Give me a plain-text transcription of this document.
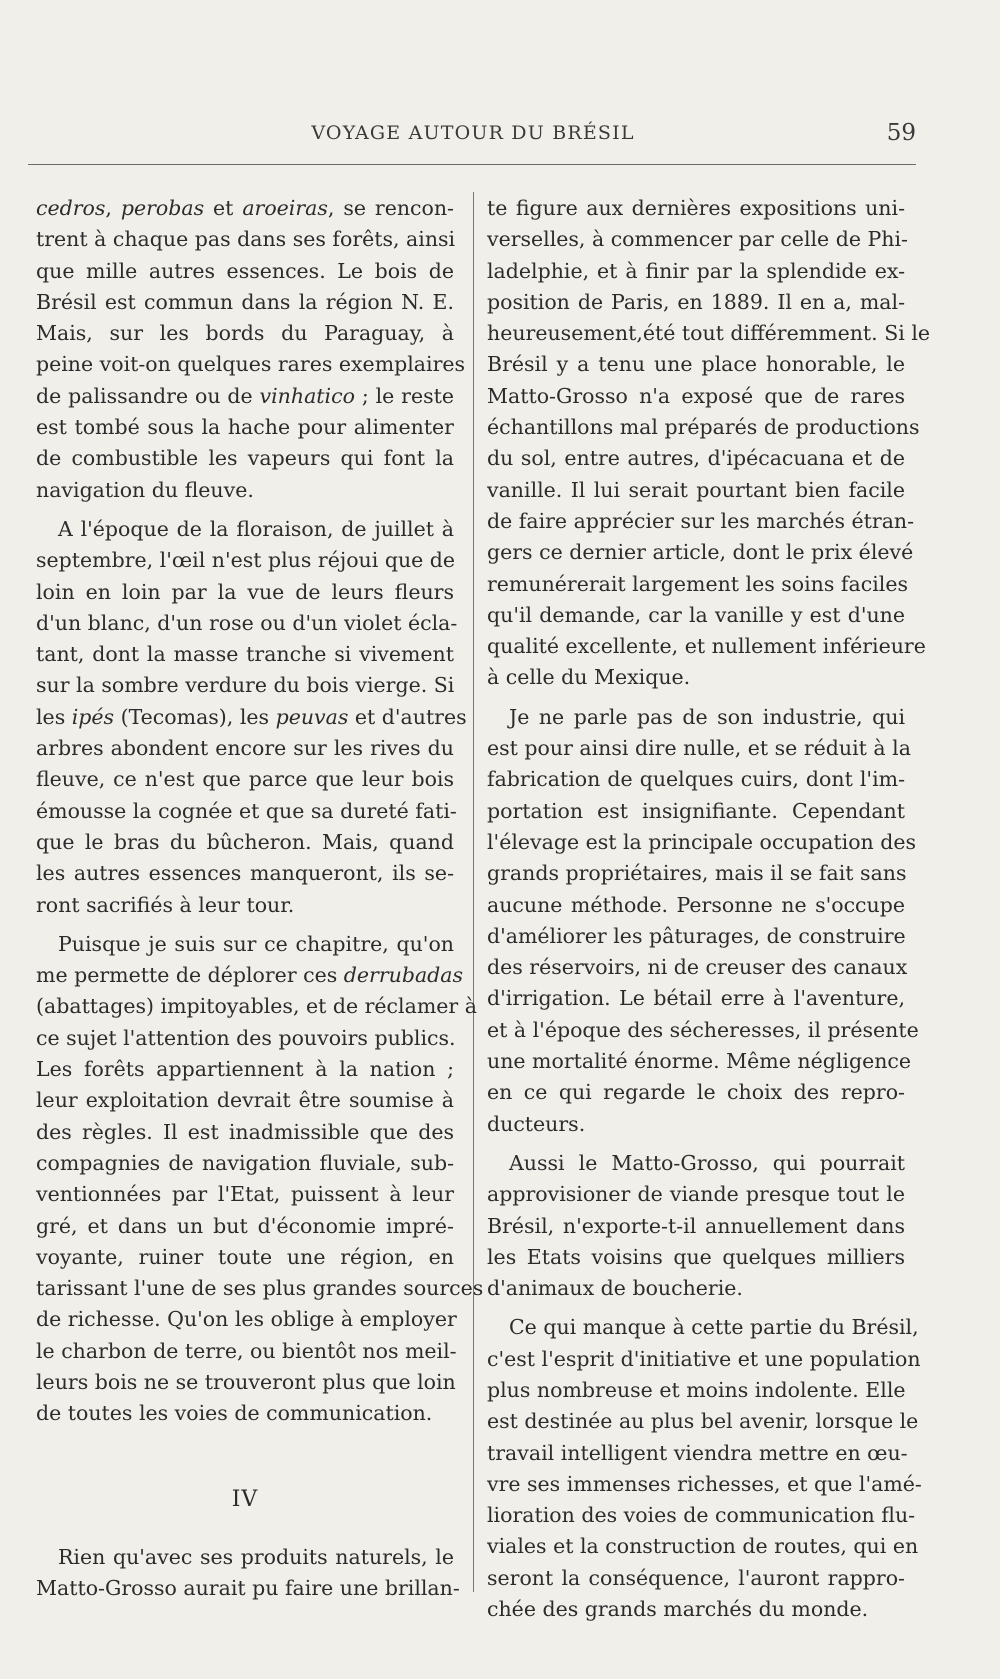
VOYAGE AUTOUR DU BRÉSIL	59
cedros, perobas et aroeiras, se rencon-
trent à chaque pas dans ses forêts, ainsi
que mille autres essences. Le bois de
Brésil est commun dans la région N. E.
Mais, sur les bords du Paraguay, à
peine voit-on quelques rares exemplaires
de palissandre ou de vinhatico ; le reste
est tombé sous la hache pour alimenter
de combustible les vapeurs qui font la
navigation du fleuve.
A l'époque de la floraison, de juillet à
septembre, l'œil n'est plus réjoui que de
loin en loin par la vue de leurs fleurs
d'un blanc, d'un rose ou d'un violet écla-
tant, dont la masse tranche si vivement
sur la sombre verdure du bois vierge. Si
les ipés (Tecomas), les peuvas et d'autres
arbres abondent encore sur les rives du
fleuve, ce n'est que parce que leur bois
émousse la cognée et que sa dureté fati-
que le bras du bûcheron. Mais, quand
les autres essences manqueront, ils se-
ront sacrifiés à leur tour.
Puisque je suis sur ce chapitre, qu'on
me permette de déplorer ces derrubadas
(abattages) impitoyables, et de réclamer à
ce sujet l'attention des pouvoirs publics.
Les forêts appartiennent à la nation ;
leur exploitation devrait être soumise à
des règles. Il est inadmissible que des
compagnies de navigation fluviale, sub-
ventionnées par l'Etat, puissent à leur
gré, et dans un but d'économie impré-
voyante, ruiner toute une région, en
tarissant l'une de ses plus grandes sources
de richesse. Qu'on les oblige à employer
le charbon de terre, ou bientôt nos meil-
leurs bois ne se trouveront plus que loin
de toutes les voies de communication.
IV
Rien qu'avec ses produits naturels, le
Matto-Grosso aurait pu faire une brillan-
te figure aux dernières expositions uni-
verselles, à commencer par celle de Phi-
ladelphie, et à finir par la splendide ex-
position de Paris, en 1889. Il en a, mal-
heureusement,été tout différemment. Si le
Brésil y a tenu une place honorable, le
Matto-Grosso n'a exposé que de rares
échantillons mal préparés de productions
du sol, entre autres, d'ipécacuana et de
vanille. Il lui serait pourtant bien facile
de faire apprécier sur les marchés étran-
gers ce dernier article, dont le prix élevé
remunérerait largement les soins faciles
qu'il demande, car la vanille y est d'une
qualité excellente, et nullement inférieure
à celle du Mexique.
Je ne parle pas de son industrie, qui
est pour ainsi dire nulle, et se réduit à la
fabrication de quelques cuirs, dont l'im-
portation est insignifiante. Cependant
l'élevage est la principale occupation des
grands propriétaires, mais il se fait sans
aucune méthode. Personne ne s'occupe
d'améliorer les pâturages, de construire
des réservoirs, ni de creuser des canaux
d'irrigation. Le bétail erre à l'aventure,
et à l'époque des sécheresses, il présente
une mortalité énorme. Même négligence
en ce qui regarde le choix des repro-
ducteurs.
Aussi le Matto-Grosso, qui pourrait
approvisioner de viande presque tout le
Brésil, n'exporte-t-il annuellement dans
les Etats voisins que quelques milliers
d'animaux de boucherie.
Ce qui manque à cette partie du Brésil,
c'est l'esprit d'initiative et une population
plus nombreuse et moins indolente. Elle
est destinée au plus bel avenir, lorsque le
travail intelligent viendra mettre en œu-
vre ses immenses richesses, et que l'amé-
lioration des voies de communication flu-
viales et la construction de routes, qui en
seront la conséquence, l'auront rappro-
chée des grands marchés du monde.
